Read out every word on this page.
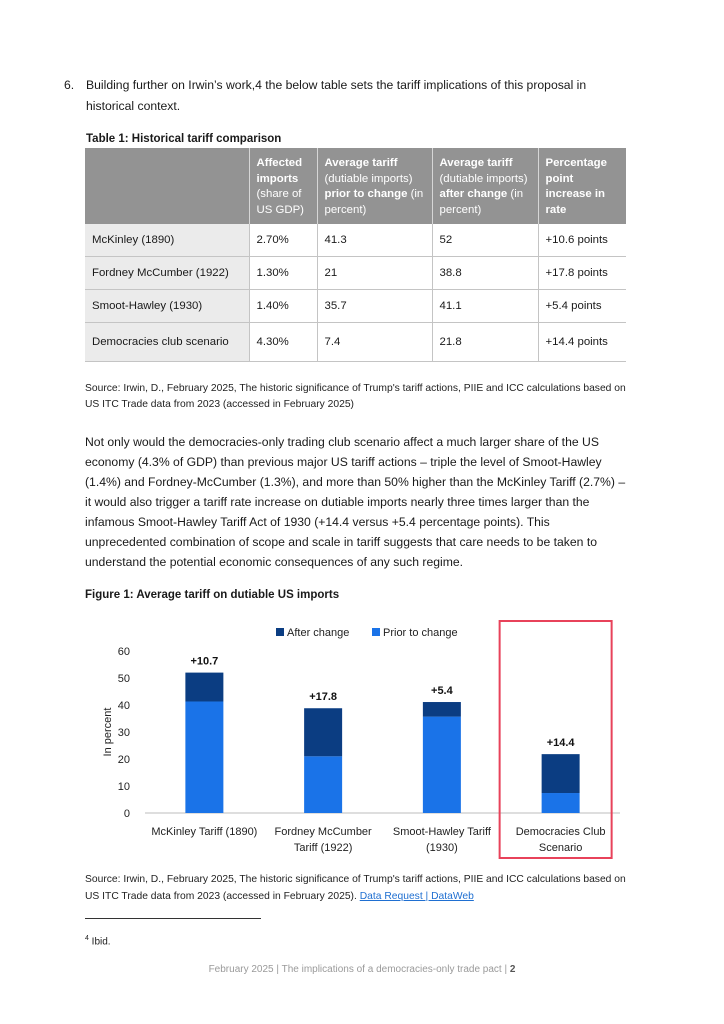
6. Building further on Irwin’s work,4 the below table sets the tariff implications of this proposal in historical context.
Table 1: Historical tariff comparison
	Affected imports (share of US GDP)	Average tariff (dutiable imports) prior to change (in percent)	Average tariff (dutiable imports) after change (in percent)	Percentage point increase in rate
McKinley (1890)	2.70%	41.3	52	+10.6 points
Fordney McCumber (1922)	1.30%	21	38.8	+17.8 points
Smoot-Hawley (1930)	1.40%	35.7	41.1	+5.4 points
Democracies club scenario	4.30%	7.4	21.8	+14.4 points
Source: Irwin, D., February 2025, The historic significance of Trump's tariff actions, PIIE and ICC calculations based on US ITC Trade data from 2023 (accessed in February 2025)
Not only would the democracies-only trading club scenario affect a much larger share of the US economy (4.3% of GDP) than previous major US tariff actions – triple the level of Smoot-Hawley (1.4%) and Fordney-McCumber (1.3%), and more than 50% higher than the McKinley Tariff (2.7%) – it would also trigger a tariff rate increase on dutiable imports nearly three times larger than the infamous Smoot-Hawley Tariff Act of 1930 (+14.4 versus +5.4 percentage points). This unprecedented combination of scope and scale in tariff suggests that care needs to be taken to understand the potential economic consequences of any such regime.
Figure 1: Average tariff on dutiable US imports
0
10
20
30
40
50
60
In percent
After change	Prior to change
+10.7
McKinley Tariff (1890)
+17.8
Fordney McCumber
Tariff (1922)
+5.4
Smoot-Hawley Tariff
(1930)
+14.4
Democracies Club
Scenario
Source: Irwin, D., February 2025, The historic significance of Trump's tariff actions, PIIE and ICC calculations based on US ITC Trade data from 2023 (accessed in February 2025). Data Request | DataWeb
$^4$ Ibid.
February 2025 | The implications of a democracies-only trade pact | 2
